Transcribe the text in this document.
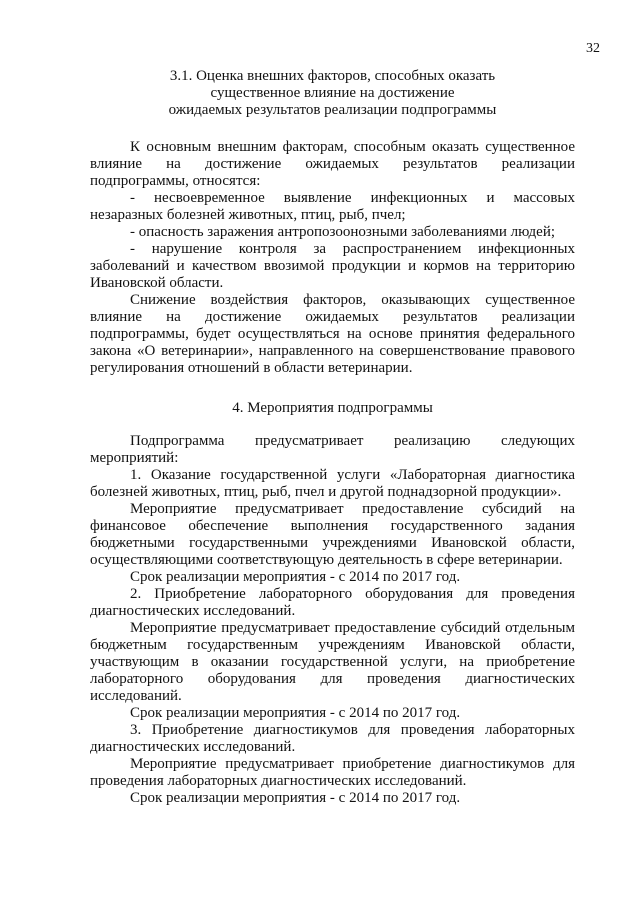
32
3.1. Оценка внешних факторов, способных оказать
существенное влияние на достижение
ожидаемых результатов реализации подпрограммы

К основным внешним факторам, способным оказать существенное влияние на достижение ожидаемых результатов реализации подпрограммы, относятся:

- несвоевременное выявление инфекционных и массовых незаразных болезней животных, птиц, рыб, пчел;

- опасность заражения антропозоонозными заболеваниями людей;

- нарушение контроля за распространением инфекционных заболеваний и качеством ввозимой продукции и кормов на территорию Ивановской области.

Снижение воздействия факторов, оказывающих существенное влияние на достижение ожидаемых результатов реализации подпрограммы, будет осуществляться на основе принятия федерального закона «О ветеринарии», направленного на совершенствование правового регулирования отношений в области ветеринарии.

4. Мероприятия подпрограммы

Подпрограмма предусматривает реализацию следующих мероприятий:

1. Оказание государственной услуги «Лабораторная диагностика болезней животных, птиц, рыб, пчел и другой поднадзорной продукции».

Мероприятие предусматривает предоставление субсидий на финансовое обеспечение выполнения государственного задания бюджетными государственными учреждениями Ивановской области, осуществляющими соответствующую деятельность в сфере ветеринарии.

Срок реализации мероприятия - с 2014 по 2017 год.

2. Приобретение лабораторного оборудования для проведения диагностических исследований.

Мероприятие предусматривает предоставление субсидий отдельным бюджетным государственным учреждениям Ивановской области, участвующим в оказании государственной услуги, на приобретение лабораторного оборудования для проведения диагностических исследований.

Срок реализации мероприятия - с 2014 по 2017 год.

3. Приобретение диагностикумов для проведения лабораторных диагностических исследований.

Мероприятие предусматривает приобретение диагностикумов для проведения лабораторных диагностических исследований.

Срок реализации мероприятия - с 2014 по 2017 год.
